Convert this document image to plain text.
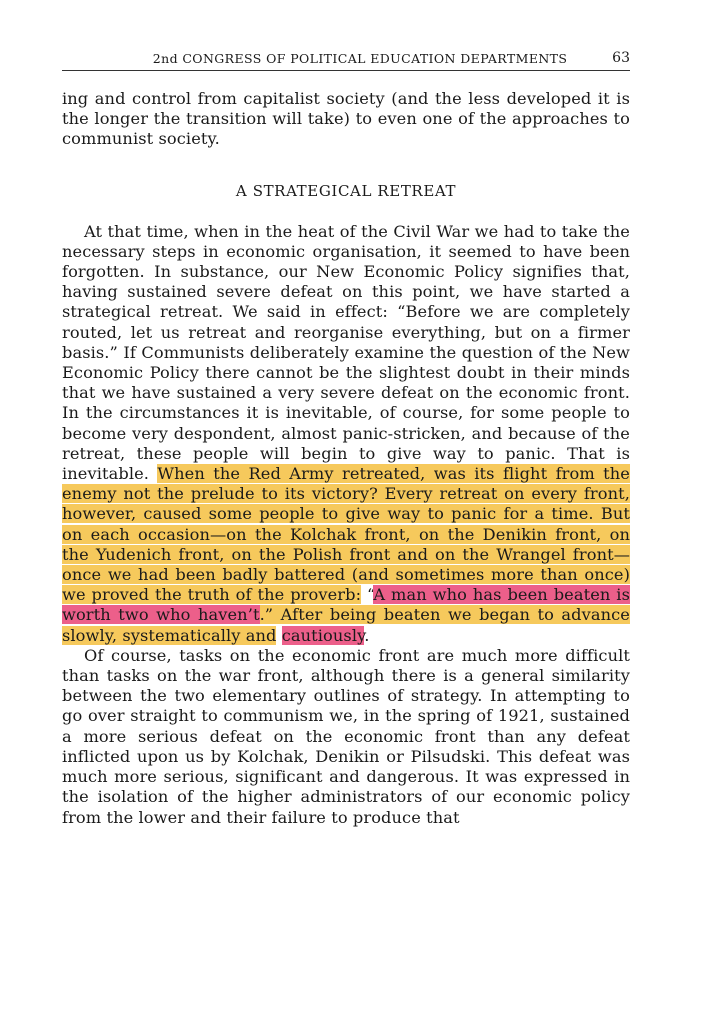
2nd CONGRESS OF POLITICAL EDUCATION DEPARTMENTS	63

ing and control from capitalist society (and the less developed it is the longer the transition will take) to even one of the approaches to communist society.

A STRATEGICAL RETREAT

At that time, when in the heat of the Civil War we had to take the necessary steps in economic organisation, it seemed to have been forgotten. In substance, our New Economic Policy signifies that, having sustained severe defeat on this point, we have started a strategical retreat. We said in effect: “Before we are completely routed, let us retreat and reorganise everything, but on a firmer basis.” If Communists deliberately examine the question of the New Economic Policy there cannot be the slightest doubt in their minds that we have sustained a very severe defeat on the economic front. In the circumstances it is inevitable, of course, for some people to become very despondent, almost panic-stricken, and because of the retreat, these people will begin to give way to panic. That is inevitable. When the Red Army retreated, was its flight from the enemy not the prelude to its victory? Every retreat on every front, however, caused some people to give way to panic for a time. But on each occasion—on the Kolchak front, on the Denikin front, on the Yudenich front, on the Polish front and on the Wrangel front—once we had been badly battered (and sometimes more than once) we proved the truth of the proverb: “A man who has been beaten is worth two who haven’t.” After being beaten we began to advance slowly, systematically and cautiously.

Of course, tasks on the economic front are much more difficult than tasks on the war front, although there is a general similarity between the two elementary outlines of strategy. In attempting to go over straight to communism we, in the spring of 1921, sustained a more serious defeat on the economic front than any defeat inflicted upon us by Kolchak, Denikin or Pilsudski. This defeat was much more serious, significant and dangerous. It was expressed in the isolation of the higher administrators of our economic policy from the lower and their failure to produce that
